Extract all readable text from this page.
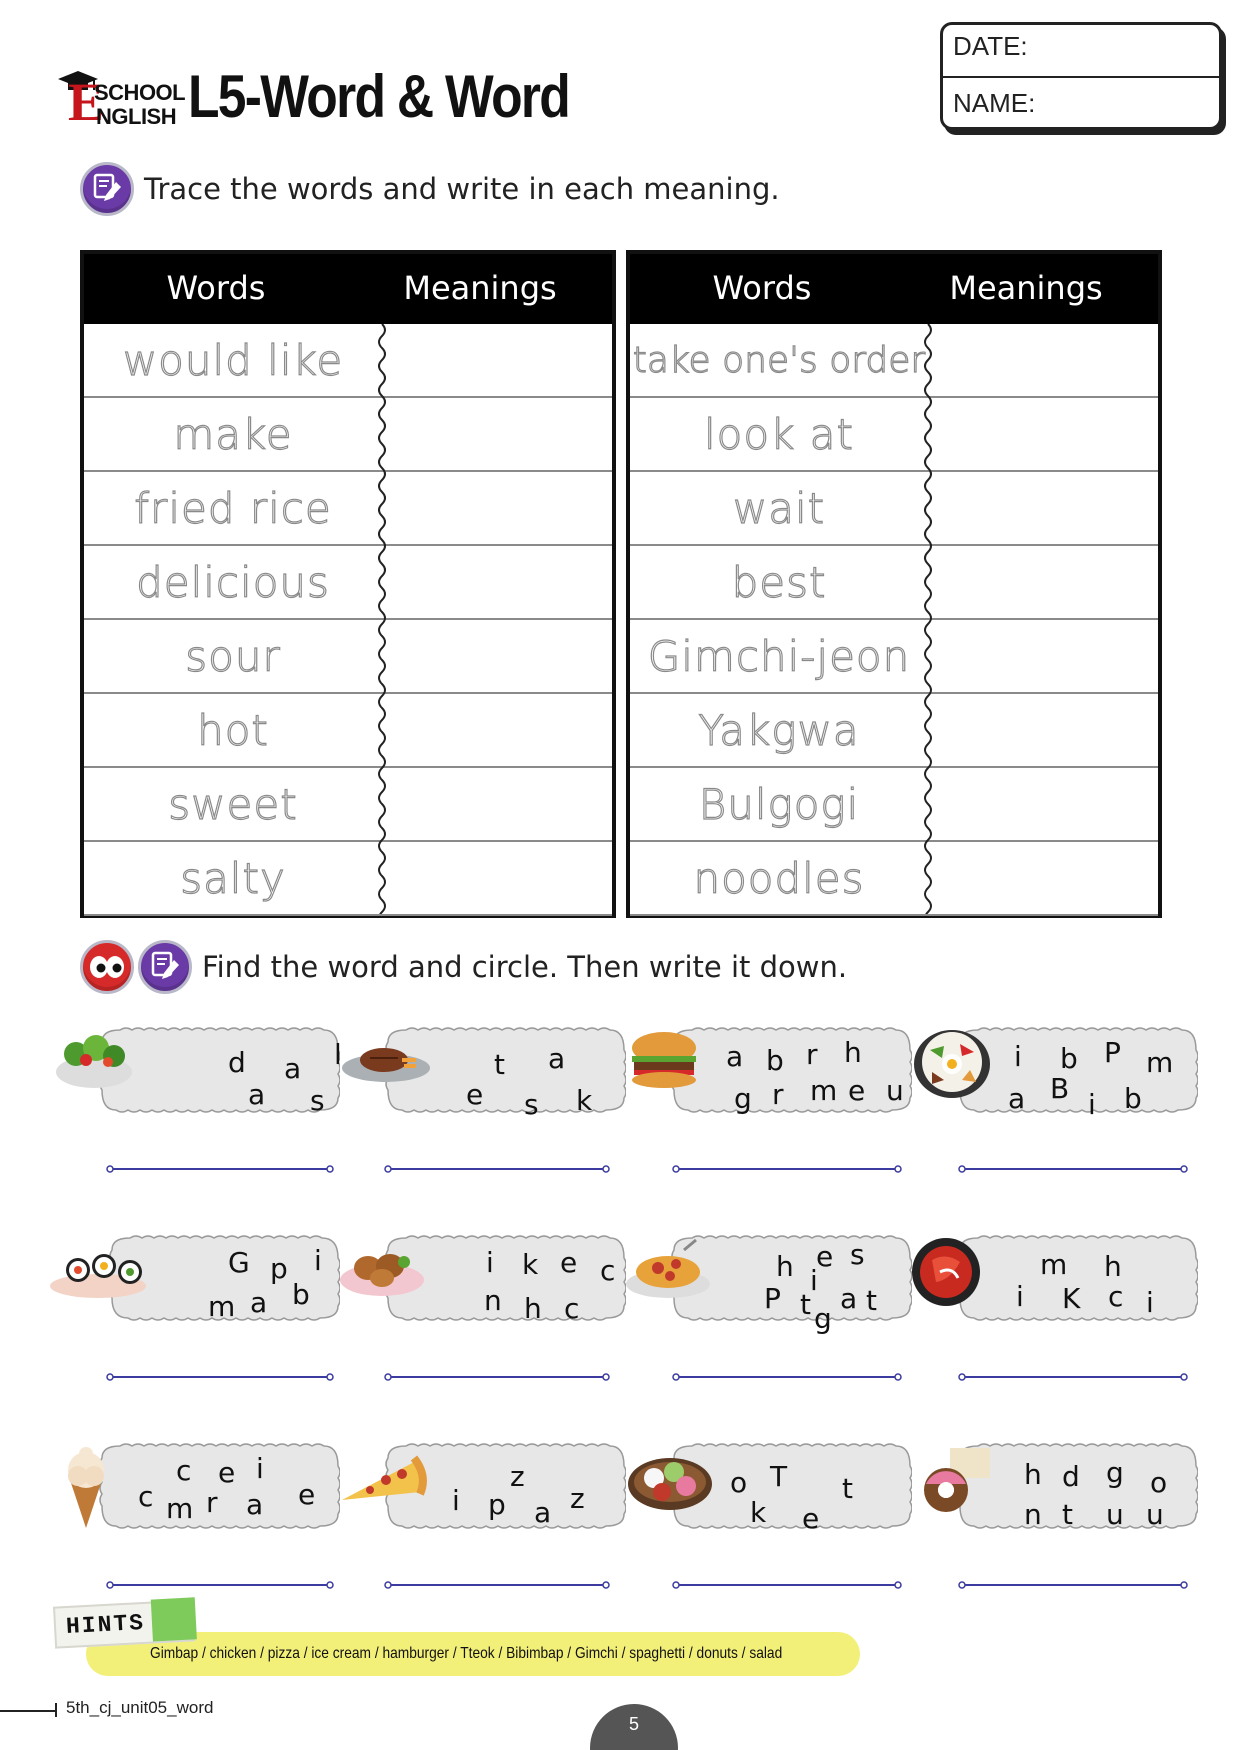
E
SCHOOL
NGLISH L5-Word & Word
DATE:
NAME:
Trace the words and write in each meaning.
Words	Meanings
would like
make
fried rice
delicious
sour
hot
sweet
salty
Words	Meanings
take one's order
look at
wait
best
Gimchi-jeon
Yakgwa
Bulgogi
noodles
Find the word and circle. Then write it down.
d a l
a s
t a
e s k
a b r h
g r m e u
i b P m
a B i b
G p i
m a b
i k e c
n h c
h e s
i
P t a
g
t
m h
i K c i
c e i
c m r a e
z
i p a z	o T t
k e
h d g o
n t u u
Gimbap / chicken / pizza / ice cream / hamburger / Tteok / Bibimbap / Gimchi / spaghetti / donuts / salad
HINTS
5th_cj_unit05_word
5
